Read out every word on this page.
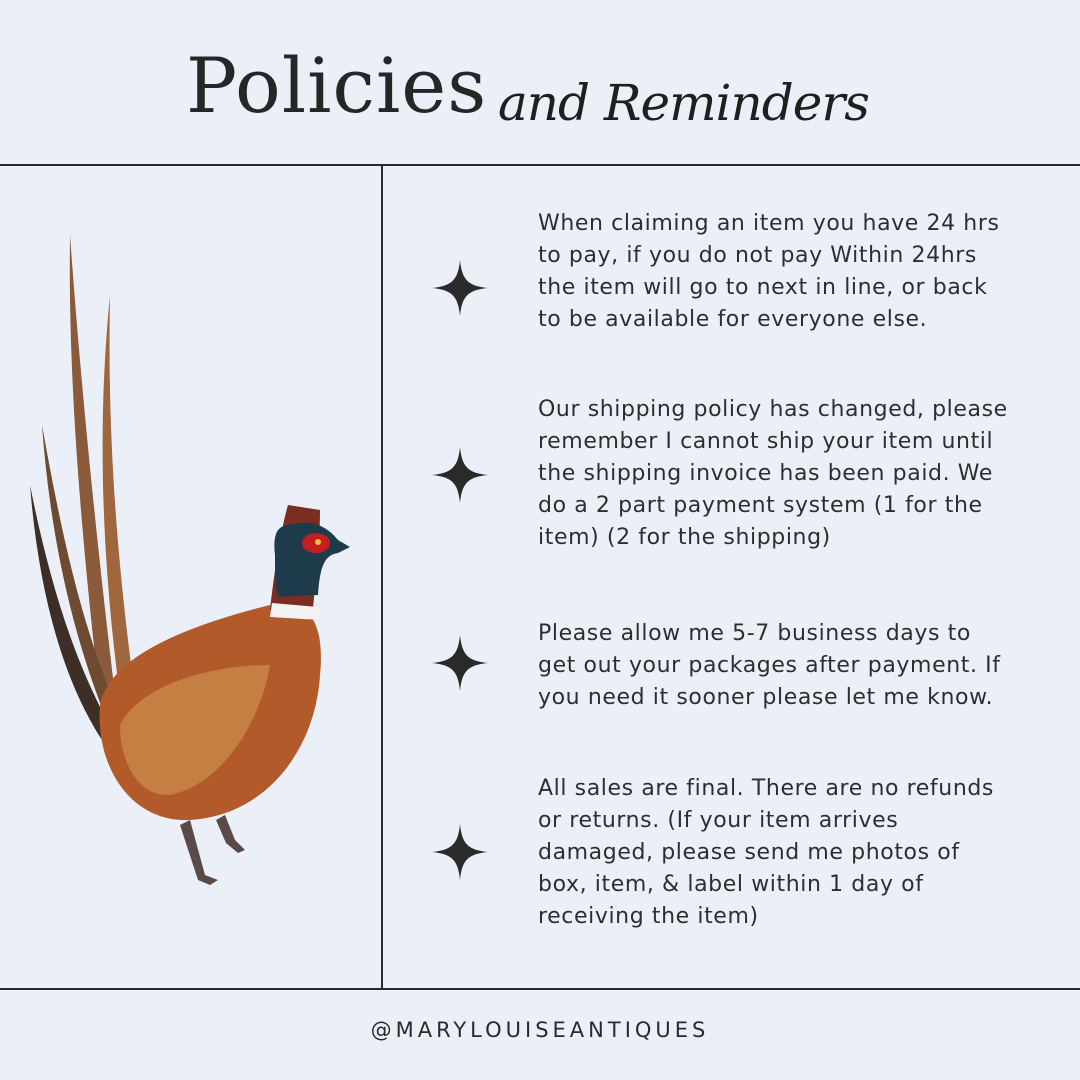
Policies and Reminders
When claiming an item you have 24 hrs to pay, if you do not pay Within 24hrs the item will go to next in line, or back to be available for everyone else.
Our shipping policy has changed, please remember I cannot ship your item until the shipping invoice has been paid. We do a 2 part payment system (1 for the item) (2 for the shipping)
Please allow me 5-7 business days to get out your packages after payment. If you need it sooner please let me know.
All sales are final. There are no refunds or returns. (If your item arrives damaged, please send me photos of box, item, & label within 1 day of receiving the item)
@MARYLOUISEANTIQUES
